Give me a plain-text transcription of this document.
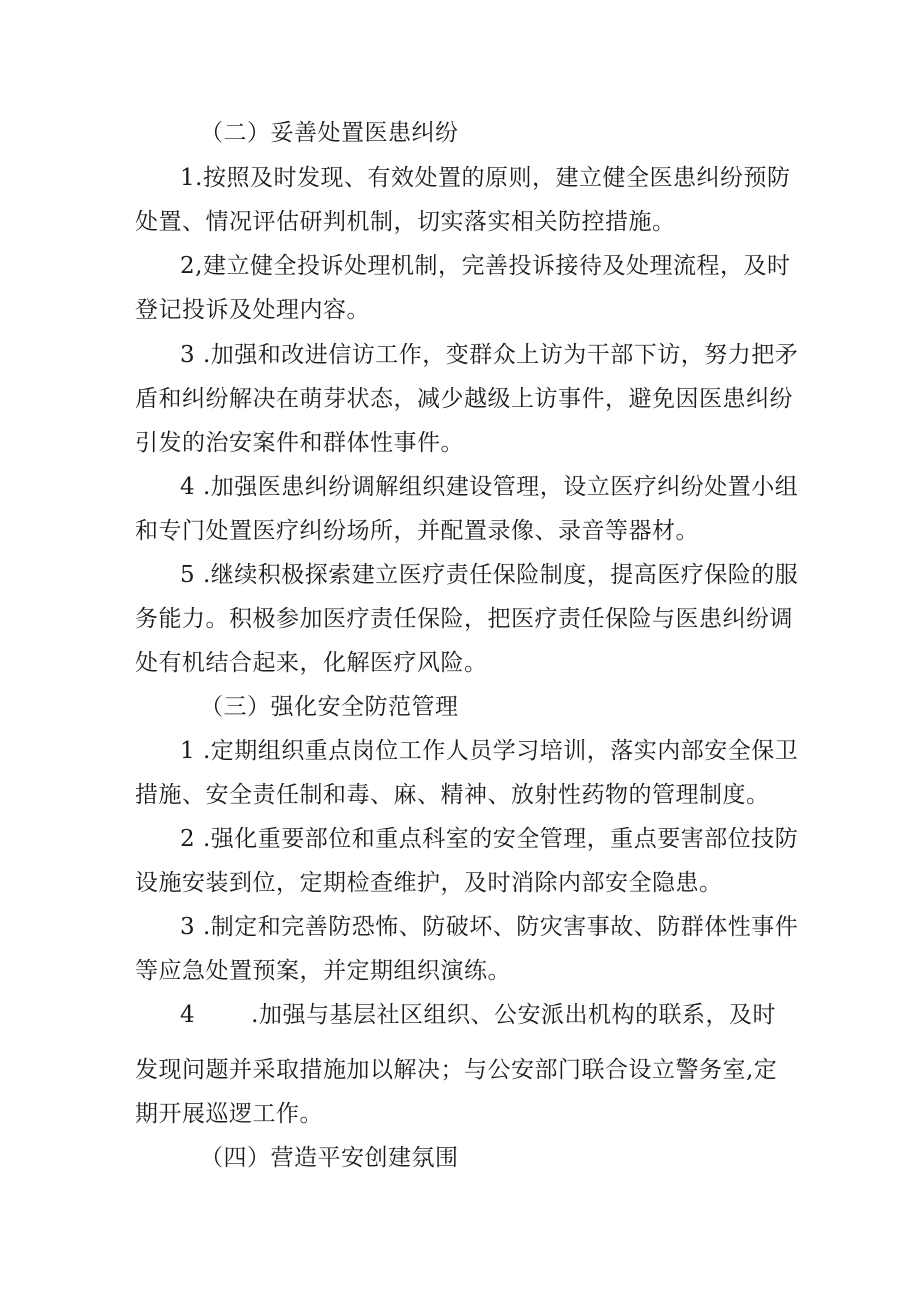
（二）妥善处置医患纠纷
1.按照及时发现、有效处置的原则，建立健全医患纠纷预防
处置、情况评估研判机制，切实落实相关防控措施。
2,建立健全投诉处理机制，完善投诉接待及处理流程，及时
登记投诉及处理内容。
3 .加强和改进信访工作，变群众上访为干部下访，努力把矛
盾和纠纷解决在萌芽状态，减少越级上访事件，避免因医患纠纷
引发的治安案件和群体性事件。
4 .加强医患纠纷调解组织建设管理，设立医疗纠纷处置小组
和专门处置医疗纠纷场所，并配置录像、录音等器材。
5 .继续积极探索建立医疗责任保险制度，提高医疗保险的服
务能力。积极参加医疗责任保险，把医疗责任保险与医患纠纷调
处有机结合起来，化解医疗风险。
（三）强化安全防范管理
1 .定期组织重点岗位工作人员学习培训，落实内部安全保卫
措施、安全责任制和毒、麻、精神、放射性药物的管理制度。
2 .强化重要部位和重点科室的安全管理，重点要害部位技防
设施安装到位，定期检查维护，及时消除内部安全隐患。
3 .制定和完善防恐怖、防破坏、防灾害事故、防群体性事件
等应急处置预案，并定期组织演练。
4 .加强与基层社区组织、公安派出机构的联系，及时
发现问题并采取措施加以解决；与公安部门联合设立警务室,定
期开展巡逻工作。
（四）营造平安创建氛围
